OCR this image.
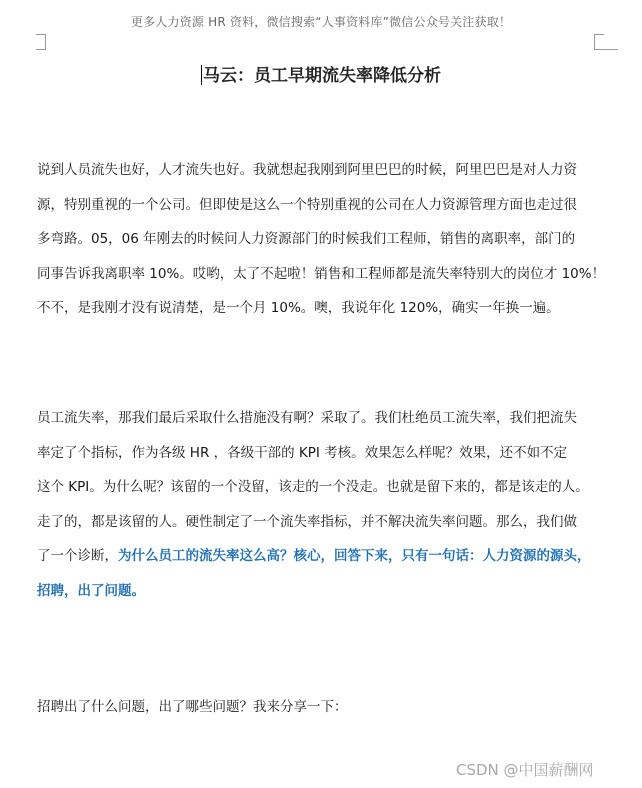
更多人力资源 HR 资料，微信搜索“人事资料库”微信公众号关注获取！
马云：员工早期流失率降低分析
说到人员流失也好，人才流失也好。我就想起我刚到阿里巴巴的时候，阿里巴巴是对人力资
源，特别重视的一个公司。但即使是这么一个特别重视的公司在人力资源管理方面也走过很
多弯路。05，06 年刚去的时候问人力资源部门的时候我们工程师，销售的离职率，部门的
同事告诉我离职率 10%。哎哟，太了不起啦！销售和工程师都是流失率特别大的岗位才 10%！
不不，是我刚才没有说清楚，是一个月 10%。噢，我说年化 120%，确实一年换一遍。
员工流失率，那我们最后采取什么措施没有啊？采取了。我们杜绝员工流失率，我们把流失
率定了个指标，作为各级 HR ，各级干部的 KPI 考核。效果怎么样呢？效果，还不如不定
这个 KPI。为什么呢？该留的一个没留，该走的一个没走。也就是留下来的，都是该走的人。
走了的，都是该留的人。硬性制定了一个流失率指标，并不解决流失率问题。那么，我们做
了一个诊断，为什么员工的流失率这么高？核心，回答下来，只有一句话：人力资源的源头，
招聘，出了问题。
招聘出了什么问题，出了哪些问题？我来分享一下：
CSDN @中国薪酬网
